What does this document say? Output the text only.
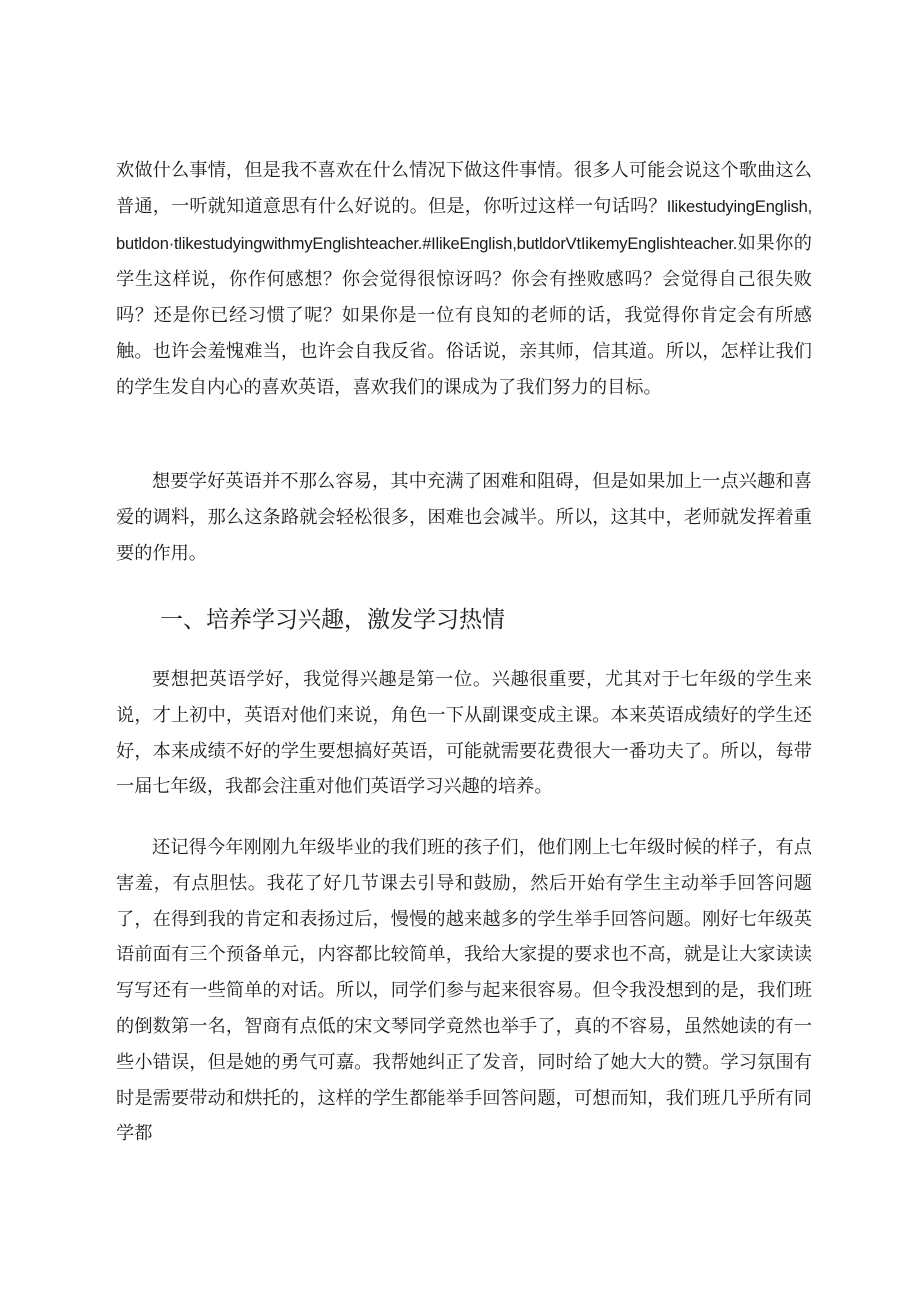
欢做什么事情，但是我不喜欢在什么情况下做这件事情。很多人可能会说这个歌曲这么普通，一听就知道意思有什么好说的。但是，你听过这样一句话吗？IlikestudyingEnglish,butldon·tlikestudyingwithmyEnglishteacher.#IlikeEnglish,butldorVtIikemyEnglishteacher.如果你的学生这样说，你作何感想？你会觉得很惊讶吗？你会有挫败感吗？会觉得自己很失败吗？还是你已经习惯了呢？如果你是一位有良知的老师的话，我觉得你肯定会有所感触。也许会羞愧难当，也许会自我反省。俗话说，亲其师，信其道。所以，怎样让我们的学生发自内心的喜欢英语，喜欢我们的课成为了我们努力的目标。

想要学好英语并不那么容易，其中充满了困难和阻碍，但是如果加上一点兴趣和喜爱的调料，那么这条路就会轻松很多，困难也会减半。所以，这其中，老师就发挥着重要的作用。

一、培养学习兴趣，激发学习热情

要想把英语学好，我觉得兴趣是第一位。兴趣很重要，尤其对于七年级的学生来说，才上初中，英语对他们来说，角色一下从副课变成主课。本来英语成绩好的学生还好，本来成绩不好的学生要想搞好英语，可能就需要花费很大一番功夫了。所以，每带一届七年级，我都会注重对他们英语学习兴趣的培养。

还记得今年刚刚九年级毕业的我们班的孩子们，他们刚上七年级时候的样子，有点害羞，有点胆怯。我花了好几节课去引导和鼓励，然后开始有学生主动举手回答问题了，在得到我的肯定和表扬过后，慢慢的越来越多的学生举手回答问题。刚好七年级英语前面有三个预备单元，内容都比较简单，我给大家提的要求也不高，就是让大家读读写写还有一些简单的对话。所以，同学们参与起来很容易。但令我没想到的是，我们班的倒数第一名，智商有点低的宋文琴同学竟然也举手了，真的不容易，虽然她读的有一些小错误，但是她的勇气可嘉。我帮她纠正了发音，同时给了她大大的赞。学习氛围有时是需要带动和烘托的，这样的学生都能举手回答问题，可想而知，我们班几乎所有同学都
